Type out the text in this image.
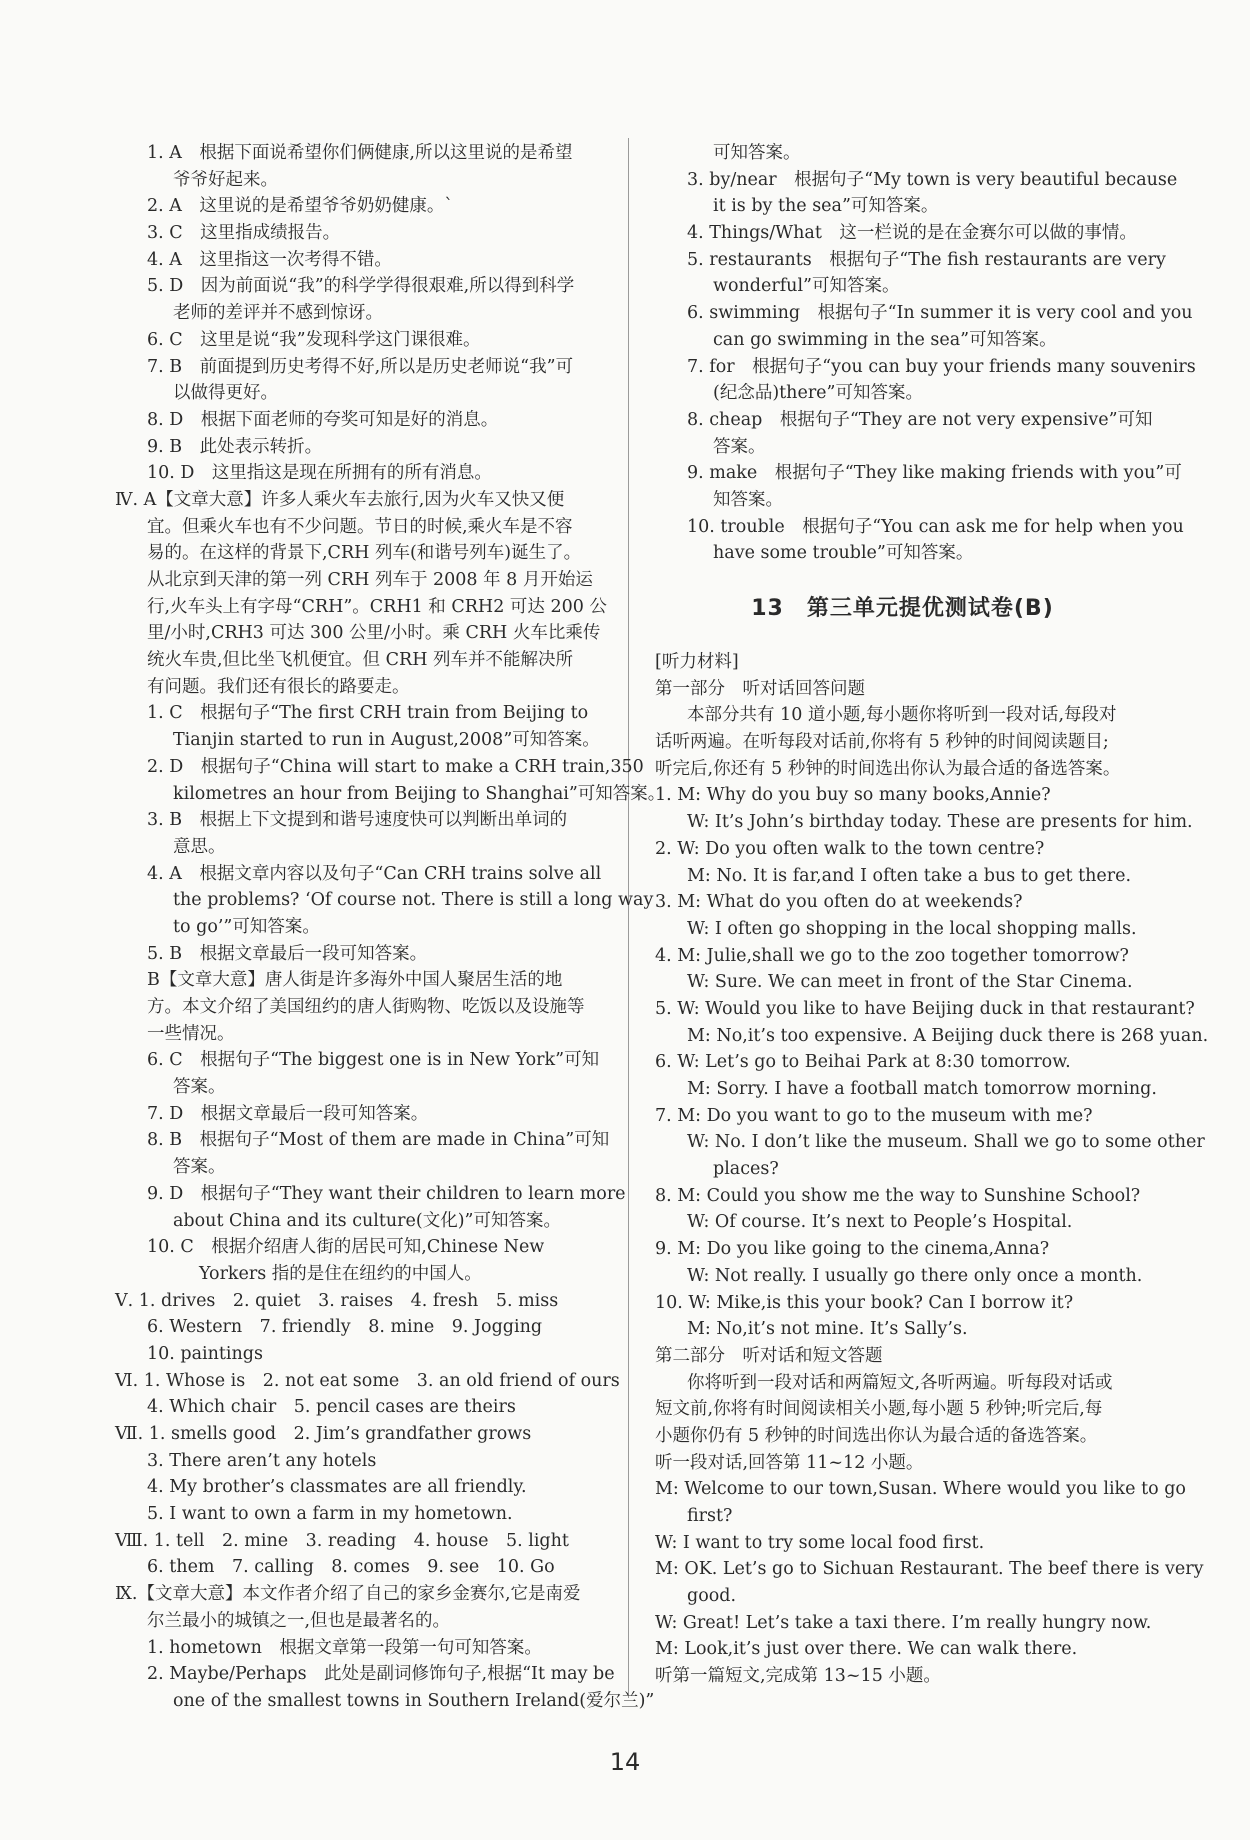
1. A　根据下面说希望你们俩健康,所以这里说的是希望
爷爷好起来。
2. A　这里说的是希望爷爷奶奶健康。`
3. C　这里指成绩报告。
4. A　这里指这一次考得不错。
5. D　因为前面说“我”的科学学得很艰难,所以得到科学
老师的差评并不感到惊讶。
6. C　这里是说“我”发现科学这门课很难。
7. B　前面提到历史考得不好,所以是历史老师说“我”可
以做得更好。
8. D　根据下面老师的夸奖可知是好的消息。
9. B　此处表示转折。
10. D　这里指这是现在所拥有的所有消息。
Ⅳ. A【文章大意】许多人乘火车去旅行,因为火车又快又便
宜。但乘火车也有不少问题。节日的时候,乘火车是不容
易的。在这样的背景下,CRH 列车(和谐号列车)诞生了。
从北京到天津的第一列 CRH 列车于 2008 年 8 月开始运
行,火车头上有字母“CRH”。CRH1 和 CRH2 可达 200 公
里/小时,CRH3 可达 300 公里/小时。乘 CRH 火车比乘传
统火车贵,但比坐飞机便宜。但 CRH 列车并不能解决所
有问题。我们还有很长的路要走。
1. C　根据句子“The first CRH train from Beijing to
Tianjin started to run in August,2008”可知答案。
2. D　根据句子“China will start to make a CRH train,350
kilometres an hour from Beijing to Shanghai”可知答案。
3. B　根据上下文提到和谐号速度快可以判断出单词的
意思。
4. A　根据文章内容以及句子“Can CRH trains solve all
the problems? ‘Of course not. There is still a long way
to go’”可知答案。
5. B　根据文章最后一段可知答案。
B【文章大意】唐人街是许多海外中国人聚居生活的地
方。本文介绍了美国纽约的唐人街购物、吃饭以及设施等
一些情况。
6. C　根据句子“The biggest one is in New York”可知
答案。
7. D　根据文章最后一段可知答案。
8. B　根据句子“Most of them are made in China”可知
答案。
9. D　根据句子“They want their children to learn more
about China and its culture(文化)”可知答案。
10. C　根据介绍唐人街的居民可知,Chinese New
Yorkers 指的是住在纽约的中国人。
Ⅴ. 1. drives　2. quiet　3. raises　4. fresh　5. miss
6. Western　7. friendly　8. mine　9. Jogging
10. paintings
Ⅵ. 1. Whose is　2. not eat some　3. an old friend of ours
4. Which chair　5. pencil cases are theirs
Ⅶ. 1. smells good　2. Jim’s grandfather grows
3. There aren’t any hotels
4. My brother’s classmates are all friendly.
5. I want to own a farm in my hometown.
Ⅷ. 1. tell　2. mine　3. reading　4. house　5. light
6. them　7. calling　8. comes　9. see　10. Go
Ⅸ.【文章大意】本文作者介绍了自己的家乡金赛尔,它是南爱
尔兰最小的城镇之一,但也是最著名的。
1. hometown　根据文章第一段第一句可知答案。
2. Maybe/Perhaps　此处是副词修饰句子,根据“It may be
one of the smallest towns in Southern Ireland(爱尔兰)”
可知答案。
3. by/near　根据句子“My town is very beautiful because
it is by the sea”可知答案。
4. Things/What　这一栏说的是在金赛尔可以做的事情。
5. restaurants　根据句子“The fish restaurants are very
wonderful”可知答案。
6. swimming　根据句子“In summer it is very cool and you
can go swimming in the sea”可知答案。
7. for　根据句子“you can buy your friends many souvenirs
(纪念品)there”可知答案。
8. cheap　根据句子“They are not very expensive”可知
答案。
9. make　根据句子“They like making friends with you”可
知答案。
10. trouble　根据句子“You can ask me for help when you
have some trouble”可知答案。
13　第三单元提优测试卷(B)
[听力材料]
第一部分　听对话回答问题
本部分共有 10 道小题,每小题你将听到一段对话,每段对
话听两遍。在听每段对话前,你将有 5 秒钟的时间阅读题目;
听完后,你还有 5 秒钟的时间选出你认为最合适的备选答案。
1. M: Why do you buy so many books,Annie?
W: It’s John’s birthday today. These are presents for him.
2. W: Do you often walk to the town centre?
M: No. It is far,and I often take a bus to get there.
3. M: What do you often do at weekends?
W: I often go shopping in the local shopping malls.
4. M: Julie,shall we go to the zoo together tomorrow?
W: Sure. We can meet in front of the Star Cinema.
5. W: Would you like to have Beijing duck in that restaurant?
M: No,it’s too expensive. A Beijing duck there is 268 yuan.
6. W: Let’s go to Beihai Park at 8:30 tomorrow.
M: Sorry. I have a football match tomorrow morning.
7. M: Do you want to go to the museum with me?
W: No. I don’t like the museum. Shall we go to some other
places?
8. M: Could you show me the way to Sunshine School?
W: Of course. It’s next to People’s Hospital.
9. M: Do you like going to the cinema,Anna?
W: Not really. I usually go there only once a month.
10. W: Mike,is this your book? Can I borrow it?
M: No,it’s not mine. It’s Sally’s.
第二部分　听对话和短文答题
你将听到一段对话和两篇短文,各听两遍。听每段对话或
短文前,你将有时间阅读相关小题,每小题 5 秒钟;听完后,每
小题你仍有 5 秒钟的时间选出你认为最合适的备选答案。
听一段对话,回答第 11~12 小题。
M: Welcome to our town,Susan. Where would you like to go
first?
W: I want to try some local food first.
M: OK. Let’s go to Sichuan Restaurant. The beef there is very
good.
W: Great! Let’s take a taxi there. I’m really hungry now.
M: Look,it’s just over there. We can walk there.
听第一篇短文,完成第 13~15 小题。
14
